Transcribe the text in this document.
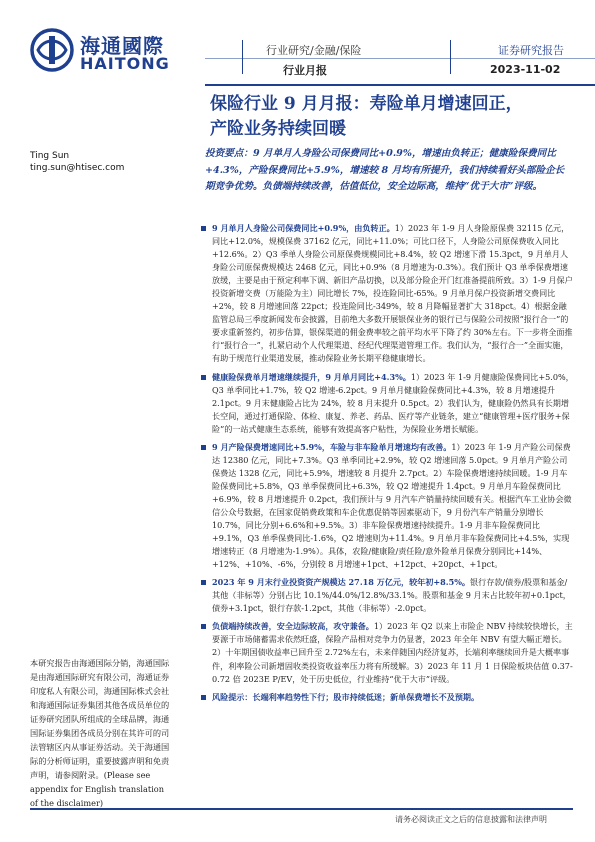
海通國際
HAITONG
行业研究/金融/保险
行业月报
证券研究报告
2023-11-02
保险行业 9 月月报：寿险单月增速回正，
产险业务持续回暖
Ting Sun
ting.sun@htisec.com
投资要点：9 月单月人身险公司保费同比+0.9%，增速由负转正；健康险保费同比+4.3%，产险保费同比+5.9%，增速较 8 月均有所提升，我们持续看好头部险企长期竞争优势。负债端持续改善，估值低位，安全边际高，维持“优于大市”评级。
9 月单月人身险公司保费同比+0.9%，由负转正。1）2023 年 1-9 月人身险原保费 32115 亿元，同比+12.0%，规模保费 37162 亿元，同比+11.0%；可比口径下，人身险公司原保费收入同比+12.6%。2）Q3 季单人身险公司原保费规模同比+8.4%，较 Q2 增速下滑 15.3pct，9 月单月人身险公司原保费规模达 2468 亿元，同比+0.9%（8 月增速为-0.3%）。我们预计 Q3 单季保费增速放缓，主要是由于预定利率下调、新旧产品切换，以及部分险企开门红准备提前所致。3）1-9 月保户投资新增交费（万能险为主）同比增长 7%，投连险同比-65%。9 月单月保户投资新增交费同比+2%，较 8 月增速回落 22pct；投连险同比-349%，较 8 月降幅显著扩大 318pct。4）根据金融监管总局三季度新闻发布会披露，目前绝大多数开展银保业务的银行已与保险公司按照“报行合一”的要求重新签约，初步估算，银保渠道的佣金费率较之前平均水平下降了约 30%左右。下一步将全面推行“报行合一”，扎紧启动个人代理渠道、经纪代理渠道管理工作。我们认为，“报行合一”全面实施，有助于规范行业渠道发展，推动保险业务长期平稳健康增长。
健康险保费单月增速继续提升，9 月单月同比+4.3%。1）2023 年 1-9 月健康险保费同比+5.0%，Q3 单季同比+1.7%，较 Q2 增速-6.2pct。9 月单月健康险保费同比+4.3%，较 8 月增速提升 2.1pct。9 月末健康险占比为 24%，较 8 月末提升 0.5pct。2）我们认为，健康险仍然具有长期增长空间，通过打通保险、体检、康复、养老、药品、医疗等产业链条，建立“健康管理+医疗服务+保险”的一站式健康生态系统，能够有效提高客户粘性，为保险业务增长赋能。
9 月产险保费增速同比+5.9%，车险与非车险单月增速均有改善。1）2023 年 1-9 月产险公司保费达 12380 亿元，同比+7.3%。Q3 单季同比+2.9%，较 Q2 增速回落 5.0pct。9 月单月产险公司保费达 1328 亿元，同比+5.9%，增速较 8 月提升 2.7pct。2）车险保费增速持续回暖。1-9 月车险保费同比+5.8%，Q3 单季保费同比+6.3%，较 Q2 增速提升 1.4pct。9 月单月车险保费同比+6.9%，较 8 月增速提升 0.2pct，我们预计与 9 月汽车产销量持续回暖有关。根据汽车工业协会微信公众号数据，在国家促销费政策和车企优惠促销等因素驱动下，9 月份汽车产销量分别增长 10.7%，同比分别+6.6%和+9.5%。3）非车险保费增速持续提升。1-9 月非车险保费同比+9.1%，Q3 单季保费同比-1.6%，Q2 增速则为+11.4%。9 月单月非车险保费同比+4.5%，实现增速转正（8 月增速为-1.9%）。具体，农险/健康险/责任险/意外险单月保费分别同比+14%、+12%、+10%、-6%，分别较 8 月增速+1pct、+12pct、+20pct、+1pct。
2023 年 9 月末行业投资资产规模达 27.18 万亿元，较年初+8.5%。银行存款/债券/股票和基金/其他（非标等）分别占比 10.1%/44.0%/12.8%/33.1%。股票和基金 9 月末占比较年初+0.1pct，债券+3.1pct，银行存款-1.2pct，其他（非标等）-2.0pct。
负债端持续改善，安全边际较高，攻守兼备。1）2023 年 Q2 以来上市险企 NBV 持续较快增长，主要源于市场储蓄需求依然旺盛，保险产品相对竞争力仍显著，2023 年全年 NBV 有望大幅正增长。2）十年期国债收益率已回升至 2.72%左右，未来伴随国内经济复苏，长端利率继续回升是大概率事件，利率险公司新增固收类投资收益率压力将有所缓解。3）2023 年 11 月 1 日保险板块估值 0.37-0.72 倍 2023E P/EV，处于历史低位，行业维持“优于大市”评级。
风险提示：长端利率趋势性下行；股市持续低迷；新单保费增长不及预期。
本研究报告由海通国际分销，海通国际是由海通国际研究有限公司，海通证券印度私人有限公司，海通国际株式会社和海通国际证券集团其他各成员单位的证券研究团队所组成的全球品牌，海通国际证券集团各成员分别在其许可的司法管辖区内从事证券活动。关于海通国际的分析师证明，重要披露声明和免责声明，请参阅附录。(Please see appendix for English translation of the disclaimer)
请务必阅读正文之后的信息披露和法律声明
